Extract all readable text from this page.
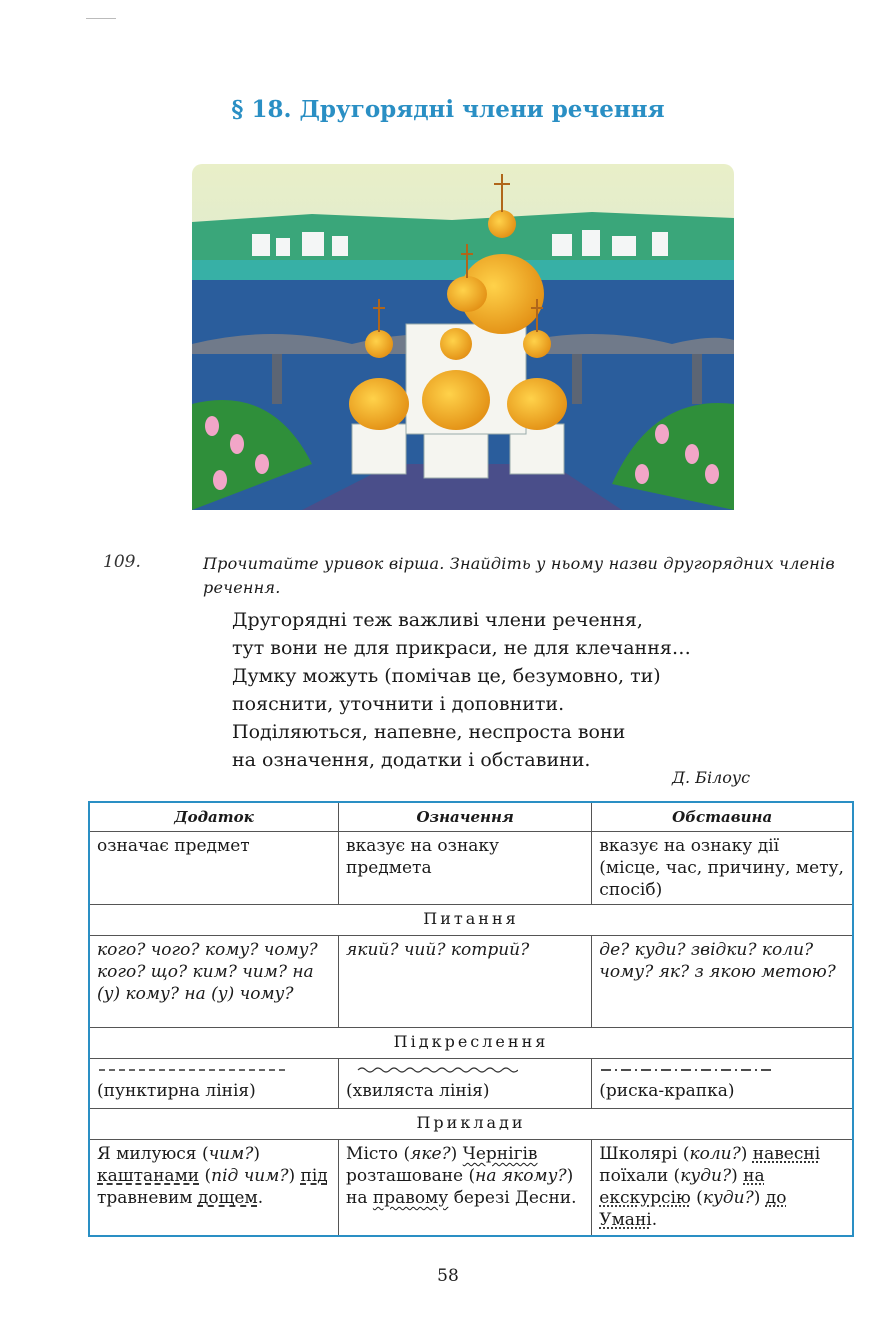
§ 18. Другорядні члени речення
109.	Прочитайте уривок вірша. Знайдіть у ньому назви другорядних членів речення.
Другорядні теж важливі члени речення,
тут вони не для прикраси, не для клечання…
Думку можуть (помічав це, безумовно, ти)
пояснити, уточнити і доповнити.
Поділяються, напевне, неспроста вони
на означення, додатки і обставини.
Д. Білоус
Додаток	Означення	Обставина
означає предмет	вказує на ознаку предмета	вказує на ознаку дії (місце, час, причину, мету, спосіб)
Питання		
кого? чого? кому? чому? кого? що? ким? чим? на (у) кому? на (у) чому?	який? чий? котрий?	де? куди? звідки? коли? чому? як? з якою метою?
Підкреслення		

(пунктирна лінія)	(хвиляста лінія)	(риска-крапка)
Приклади		
Я милуюся (чим?) каштанами (під чим?) під травневим дощем.	Місто (яке?) Чернігів розташоване (на якому?) на правому березі Десни.	Школярі (коли?) навесні поїхали (куди?) на екскурсію (куди?) до Умані.
58
